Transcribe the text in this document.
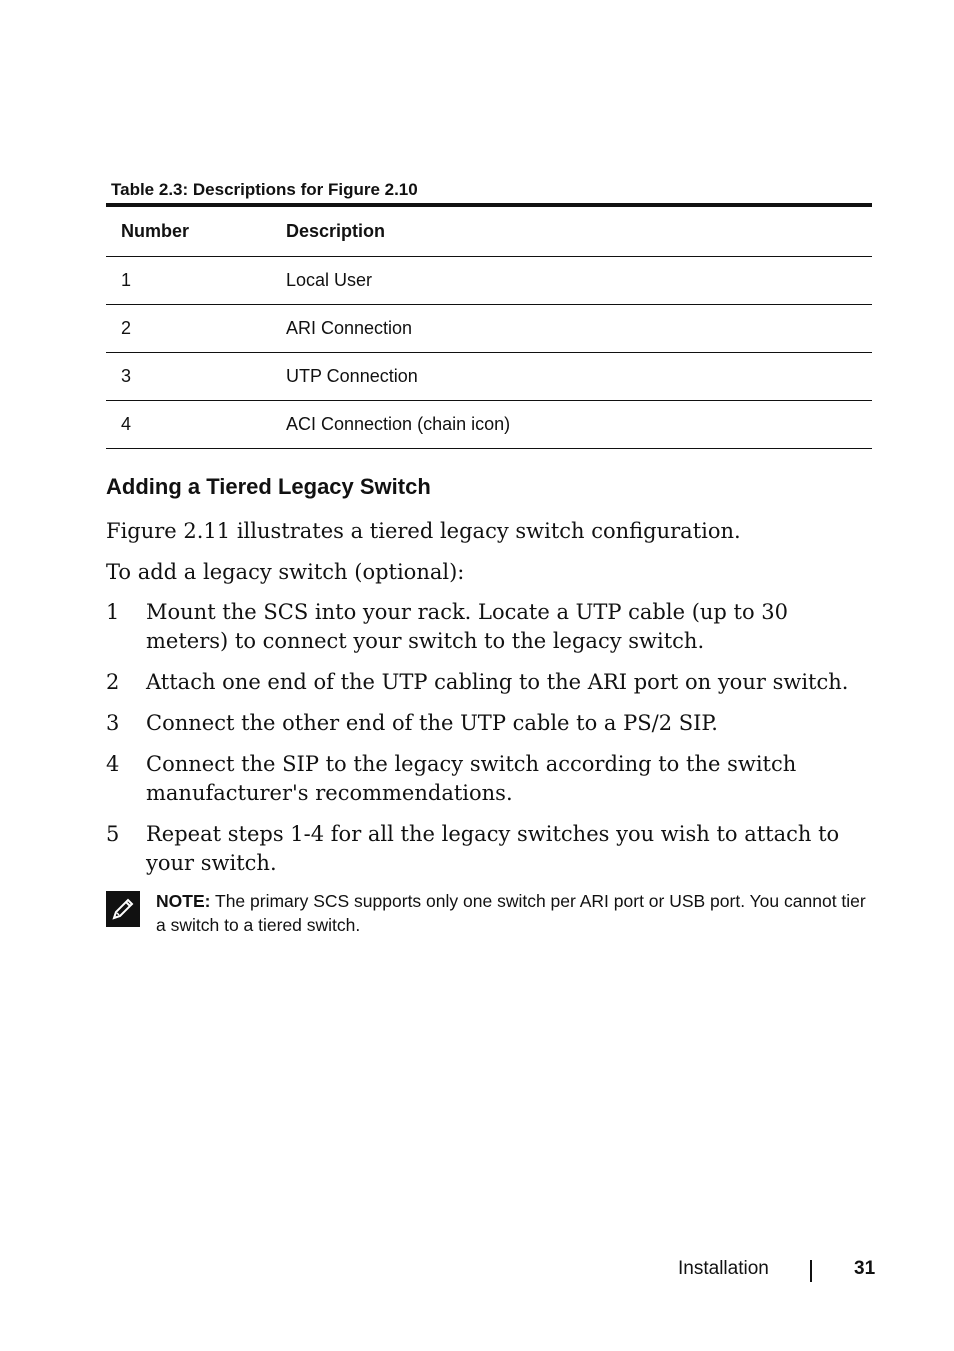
Table 2.3: Descriptions for Figure 2.10
Number	Description
1	Local User
2	ARI Connection
3	UTP Connection
4	ACI Connection (chain icon)
Adding a Tiered Legacy Switch

Figure 2.11 illustrates a tiered legacy switch configuration.

To add a legacy switch (optional):

1	Mount the SCS into your rack. Locate a UTP cable (up to 30 meters) to connect your switch to the legacy switch.
2	Attach one end of the UTP cabling to the ARI port on your switch.
3	Connect the other end of the UTP cable to a PS/2 SIP.
4	Connect the SIP to the legacy switch according to the switch manufacturer's recommendations.
5	Repeat steps 1-4 for all the legacy switches you wish to attach to your switch.
NOTE: The primary SCS supports only one switch per ARI port or USB port. You cannot tier a switch to a tiered switch.
Installation	31
